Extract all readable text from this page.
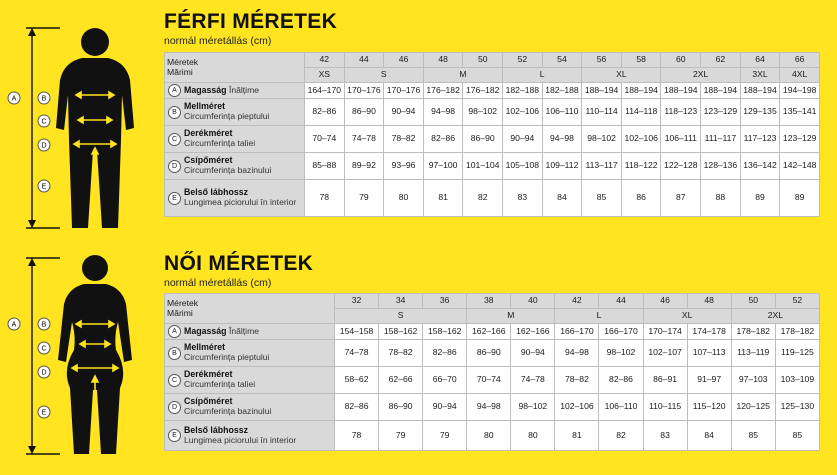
FÉRFI MÉRETEK
normál méretállás (cm)
A	B
C
D
E
Méretek
Mărimi	42	44	46	48	50	52	54	56	58	60	62	64	66
	XS	S		M		L		XL		2XL		3XL	4XL

A Magasság Înălțime	164–170	170–176	170–176	176–182	176–182	182–188	182–188	188–194	188–194	188–194	188–194	188–194	194–198

B
Mellméret
Circumferința pieptului	82–86	86–90	90–94	94–98	98–102	102–106	106–110	110–114	114–118	118–123	123–129	129–135	135–141

C
Derékméret
Circumferința taliei	70–74	74–78	78–82	82–86	86–90	90–94	94–98	98–102	102–106	106–111	111–117	117–123	123–129

D
Csípőméret
Circumferința bazinului	85–88	89–92	93–96	97–100	101–104	105–108	109–112	113–117	118–122	122–128	128–136	136–142	142–148

E
Belső lábhossz
Lungimea piciorului în interior	78	79	80	81	82	83	84	85	86	87	88	89	89
NŐI MÉRETEK
normál méretállás (cm)
A	B
C
D
E
Méretek
Mărimi	32	34	36	38	40	42	44	46	48	50	52
	S			M		L		XL		2XL	

A Magasság Înălțime	154–158	158–162	158–162	162–166	162–166	166–170	166–170	170–174	174–178	178–182	178–182

B
Mellméret
Circumferința pieptului	74–78	78–82	82–86	86–90	90–94	94–98	98–102	102–107	107–113	113–119	119–125

C
Derékméret
Circumferința taliei	58–62	62–66	66–70	70–74	74–78	78–82	82–86	86–91	91–97	97–103	103–109

D
Csípőméret
Circumferința bazinului	82–86	86–90	90–94	94–98	98–102	102–106	106–110	110–115	115–120	120–125	125–130

E
Belső lábhossz
Lungimea piciorului în interior	78	79	79	80	80	81	82	83	84	85	85
